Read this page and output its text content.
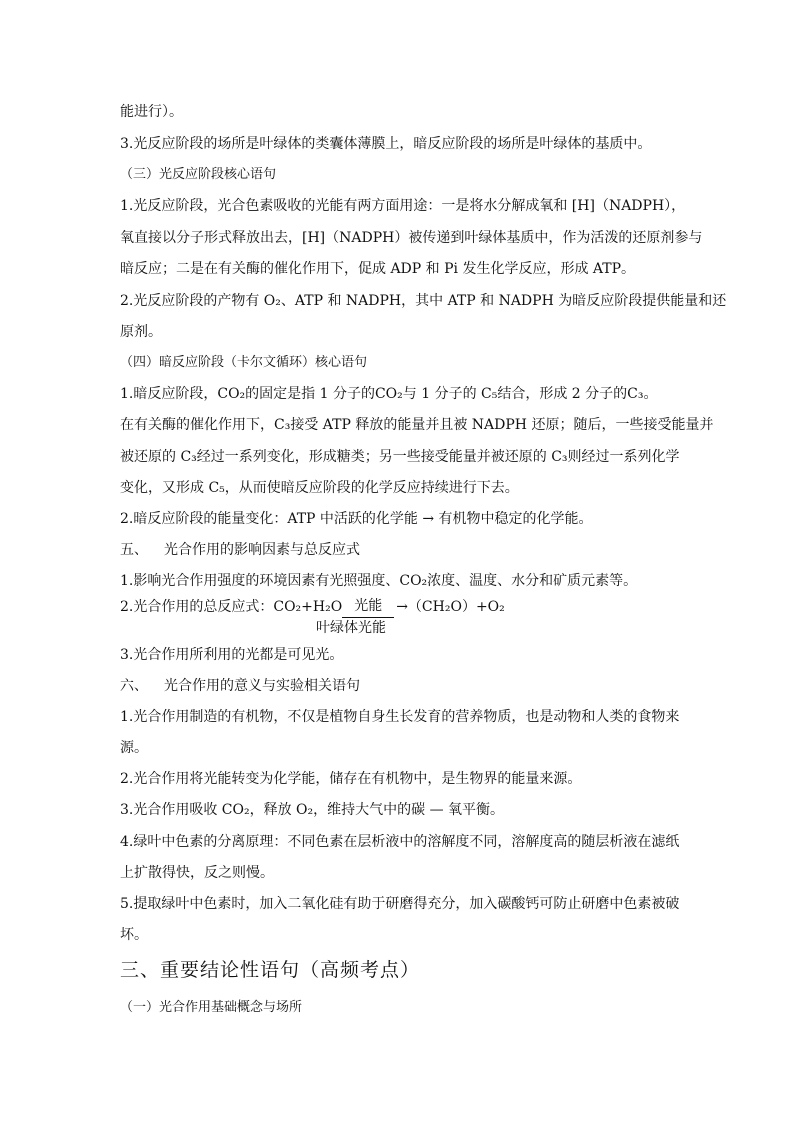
能进行）。

3.光反应阶段的场所是叶绿体的类囊体薄膜上，暗反应阶段的场所是叶绿体的基质中。

（三）光反应阶段核心语句

1.光反应阶段，光合色素吸收的光能有两方面用途：一是将水分解成氧和 [H]（NADPH），

氧直接以分子形式释放出去，[H]（NADPH）被传递到叶绿体基质中，作为活泼的还原剂参与

暗反应；二是在有关酶的催化作用下，促成 ADP 和 Pi 发生化学反应，形成 ATP。

2.光反应阶段的产物有 O₂、ATP 和 NADPH，其中 ATP 和 NADPH 为暗反应阶段提供能量和还

原剂。

（四）暗反应阶段（卡尔文循环）核心语句

1.暗反应阶段，CO₂的固定是指 1 分子的CO₂与 1 分子的 C₅结合，形成 2 分子的C₃。

在有关酶的催化作用下，C₃接受 ATP 释放的能量并且被 NADPH 还原；随后，一些接受能量并

被还原的 C₃经过一系列变化，形成糖类；另一些接受能量并被还原的 C₃则经过一系列化学

变化，又形成 C₅，从而使暗反应阶段的化学反应持续进行下去。

2.暗反应阶段的能量变化：ATP 中活跃的化学能 → 有机物中稳定的化学能。

五、 光合作用的影响因素与总反应式

1.影响光合作用强度的环境因素有光照强度、CO₂浓度、温度、水分和矿质元素等。

2.光合作用的总反应式：CO₂+H₂O 光能 →（CH₂O）+O₂

叶绿体光能

3.光合作用所利用的光都是可见光。

六、 光合作用的意义与实验相关语句

1.光合作用制造的有机物，不仅是植物自身生长发育的营养物质，也是动物和人类的食物来

源。

2.光合作用将光能转变为化学能，储存在有机物中，是生物界的能量来源。

3.光合作用吸收 CO₂，释放 O₂，维持大气中的碳 — 氧平衡。

4.绿叶中色素的分离原理：不同色素在层析液中的溶解度不同，溶解度高的随层析液在滤纸

上扩散得快，反之则慢。

5.提取绿叶中色素时，加入二氧化硅有助于研磨得充分，加入碳酸钙可防止研磨中色素被破

坏。

三、重要结论性语句（高频考点）

（一）光合作用基础概念与场所
